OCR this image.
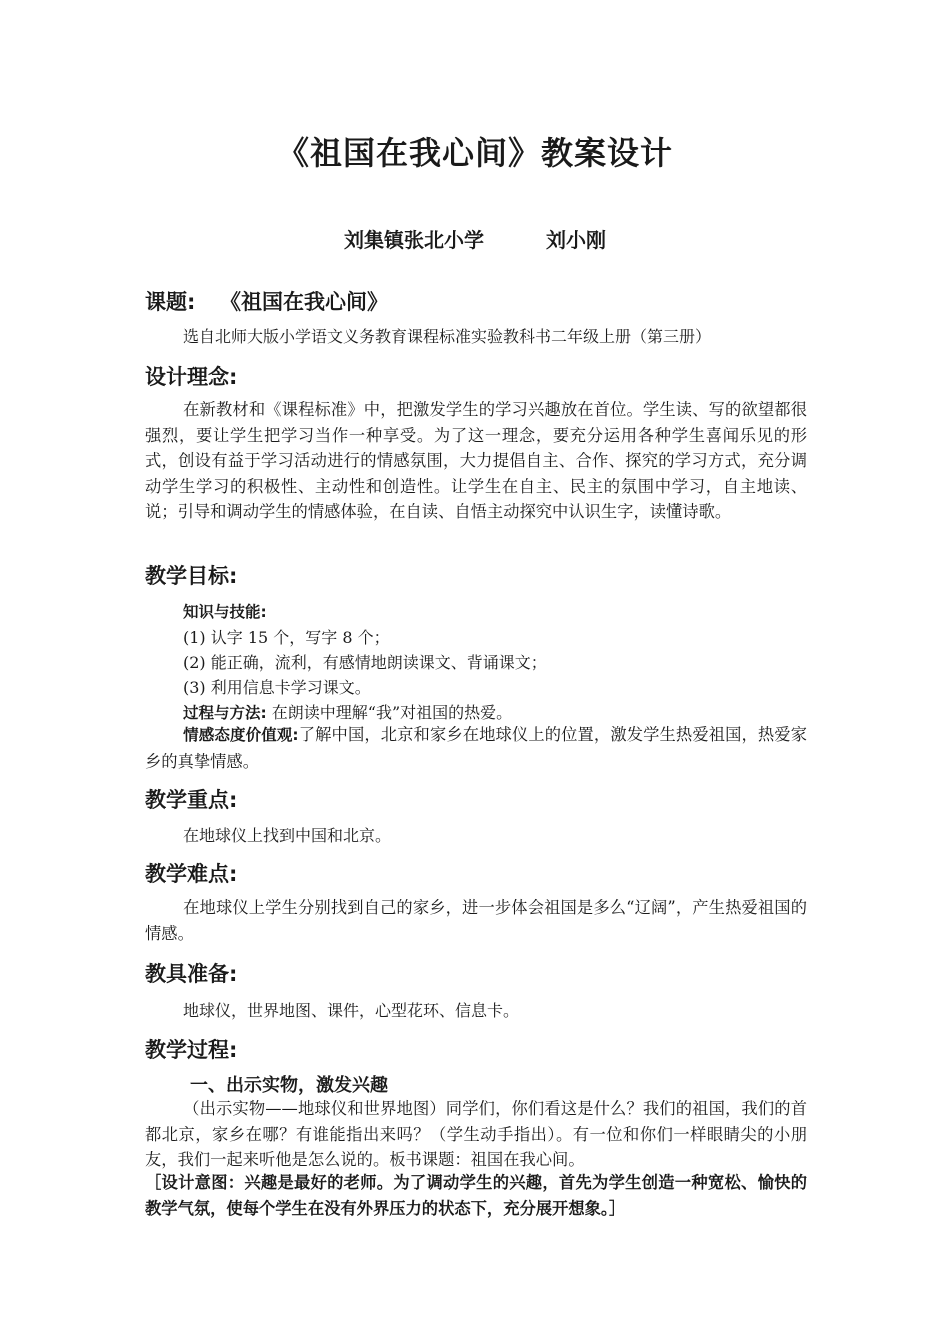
《祖国在我心间》教案设计
刘集镇张北小学	刘小刚
课题: 《祖国在我心间》
选自北师大版小学语文义务教育课程标准实验教科书二年级上册（第三册）
设计理念:
在新教材和《课程标准》中，把激发学生的学习兴趣放在首位。学生读、写的欲望都很强烈，要让学生把学习当作一种享受。为了这一理念，要充分运用各种学生喜闻乐见的形式，创设有益于学习活动进行的情感氛围，大力提倡自主、合作、探究的学习方式，充分调动学生学习的积极性、主动性和创造性。让学生在自主、民主的氛围中学习，自主地读、说；引导和调动学生的情感体验，在自读、自悟主动探究中认识生字，读懂诗歌。
教学目标:
知识与技能:
(1) 认字 15 个，写字 8 个；
(2) 能正确，流利，有感情地朗读课文、背诵课文；
(3) 利用信息卡学习课文。
过程与方法: 在朗读中理解“我”对祖国的热爱。
情感态度价值观:了解中国，北京和家乡在地球仪上的位置，激发学生热爱祖国，热爱家乡的真挚情感。
教学重点:
在地球仪上找到中国和北京。
教学难点:
在地球仪上学生分别找到自己的家乡，进一步体会祖国是多么“辽阔”，产生热爱祖国的情感。
教具准备:
地球仪，世界地图、课件，心型花环、信息卡。
教学过程:
一、出示实物，激发兴趣
（出示实物——地球仪和世界地图）同学们，你们看这是什么？我们的祖国，我们的首都北京，家乡在哪？有谁能指出来吗？（学生动手指出）。有一位和你们一样眼睛尖的小朋友，我们一起来听他是怎么说的。板书课题：祖国在我心间。
［设计意图：兴趣是最好的老师。为了调动学生的兴趣，首先为学生创造一种宽松、愉快的教学气氛，使每个学生在没有外界压力的状态下，充分展开想象。］
